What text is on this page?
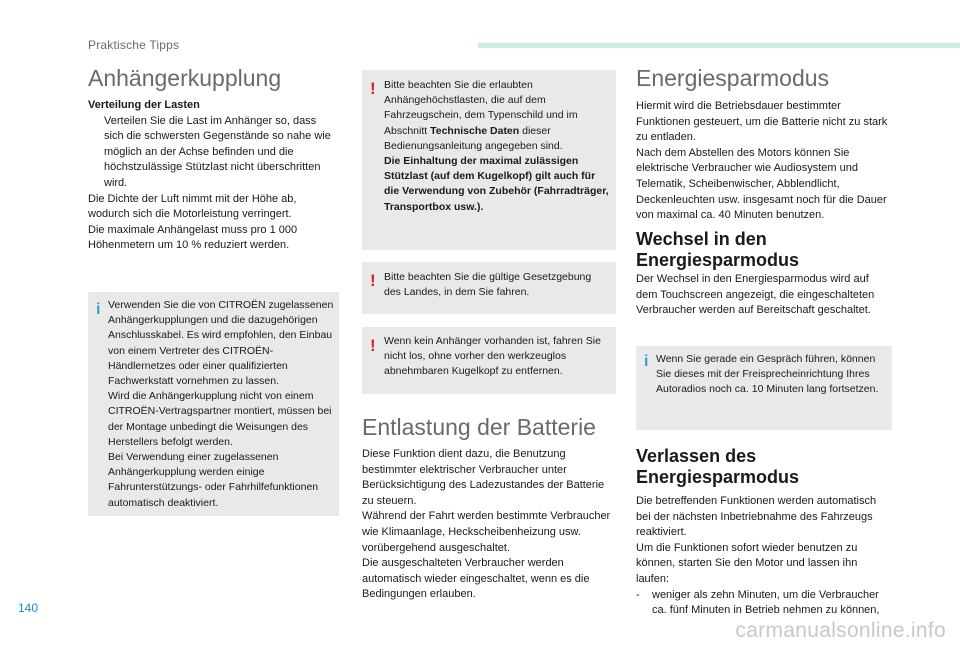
Praktische Tipps
Anhängerkupplung

Verteilung der Lasten

Verteilen Sie die Last im Anhänger so, dass sich die schwersten Gegenstände so nahe wie möglich an der Achse befinden und die höchstzulässige Stützlast nicht überschritten wird.

Die Dichte der Luft nimmt mit der Höhe ab, wodurch sich die Motorleistung verringert.

Die maximale Anhängelast muss pro 1 000 Höhenmetern um 10 % reduziert werden.

i Verwenden Sie die von CITROËN zugelassenen Anhängerkupplungen und die dazugehörigen Anschlusskabel. Es wird empfohlen, den Einbau von einem Vertreter des CITROËN-Händlernetzes oder einer qualifizierten Fachwerkstatt vornehmen zu lassen.

Wird die Anhängerkupplung nicht von einem CITROËN-Vertragspartner montiert, müssen bei der Montage unbedingt die Weisungen des Herstellers befolgt werden.

Bei Verwendung einer zugelassenen Anhängerkupplung werden einige Fahrunterstützungs- oder Fahrhilfefunktionen automatisch deaktiviert.

! Bitte beachten Sie die erlaubten Anhängehöchstlasten, die auf dem Fahrzeugschein, dem Typenschild und im Abschnitt Technische Daten dieser Bedienungsanleitung angegeben sind.

Die Einhaltung der maximal zulässigen Stützlast (auf dem Kugelkopf) gilt auch für die Verwendung von Zubehör (Fahrradträger, Transportbox usw.).

! Bitte beachten Sie die gültige Gesetzgebung des Landes, in dem Sie fahren.
! Wenn kein Anhänger vorhanden ist, fahren Sie nicht los, ohne vorher den werkzeuglos abnehmbaren Kugelkopf zu entfernen.
Entlastung der Batterie

Diese Funktion dient dazu, die Benutzung bestimmter elektrischer Verbraucher unter Berücksichtigung des Ladezustandes der Batterie zu steuern.

Während der Fahrt werden bestimmte Verbraucher wie Klimaanlage, Heckscheibenheizung usw. vorübergehend ausgeschaltet.

Die ausgeschalteten Verbraucher werden automatisch wieder eingeschaltet, wenn es die Bedingungen erlauben.

Energiesparmodus

Hiermit wird die Betriebsdauer bestimmter Funktionen gesteuert, um die Batterie nicht zu stark zu entladen.

Nach dem Abstellen des Motors können Sie elektrische Verbraucher wie Audiosystem und Telematik, Scheibenwischer, Abblendlicht, Deckenleuchten usw. insgesamt noch für die Dauer von maximal ca. 40 Minuten benutzen.

Wechsel in den
Energiesparmodus

Der Wechsel in den Energiesparmodus wird auf dem Touchscreen angezeigt, die eingeschalteten Verbraucher werden auf Bereitschaft geschaltet.

i Wenn Sie gerade ein Gespräch führen, können Sie dieses mit der Freisprecheinrichtung Ihres Autoradios noch ca. 10 Minuten lang fortsetzen.
Verlassen des
Energiesparmodus

Die betreffenden Funktionen werden automatisch bei der nächsten Inbetriebnahme des Fahrzeugs reaktiviert.

Um die Funktionen sofort wieder benutzen zu können, starten Sie den Motor und lassen ihn laufen:

-	weniger als zehn Minuten, um die Verbraucher ca. fünf Minuten in Betrieb nehmen zu können,
140
carmanualsonline.info
